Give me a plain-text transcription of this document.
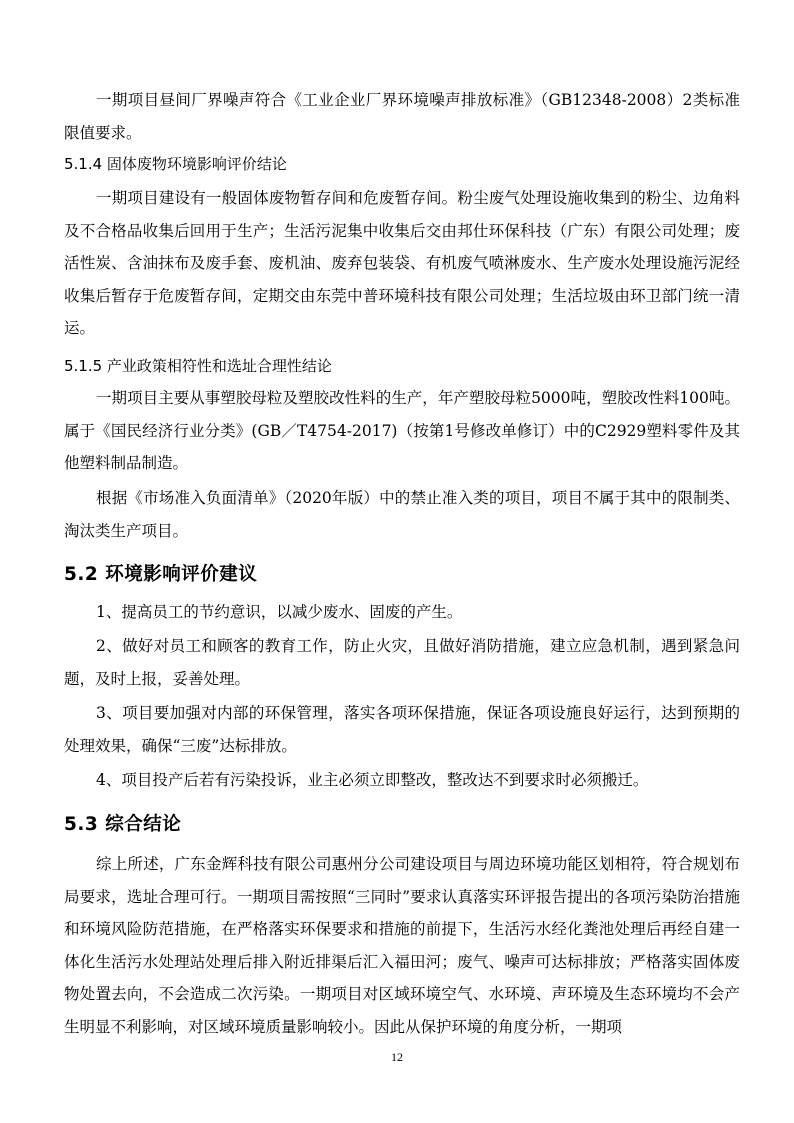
一期项目昼间厂界噪声符合《工业企业厂界环境噪声排放标准》（GB12348-2008）2类标准限值要求。

5.1.4 固体废物环境影响评价结论

一期项目建设有一般固体废物暂存间和危废暂存间。粉尘废气处理设施收集到的粉尘、边角料及不合格品收集后回用于生产；生活污泥集中收集后交由邦仕环保科技（广东）有限公司处理；废活性炭、含油抹布及废手套、废机油、废弃包装袋、有机废气喷淋废水、生产废水处理设施污泥经收集后暂存于危废暂存间，定期交由东莞中普环境科技有限公司处理；生活垃圾由环卫部门统一清运。

5.1.5 产业政策相符性和选址合理性结论

一期项目主要从事塑胶母粒及塑胶改性料的生产，年产塑胶母粒5000吨，塑胶改性料100吨。属于《国民经济行业分类》(GB／T4754-2017)（按第1号修改单修订）中的C2929塑料零件及其他塑料制品制造。

根据《市场准入负面清单》（2020年版）中的禁止准入类的项目，项目不属于其中的限制类、淘汰类生产项目。

5.2 环境影响评价建议

1、提高员工的节约意识，以减少废水、固废的产生。

2、做好对员工和顾客的教育工作，防止火灾，且做好消防措施，建立应急机制，遇到紧急问题，及时上报，妥善处理。

3、项目要加强对内部的环保管理，落实各项环保措施，保证各项设施良好运行，达到预期的处理效果，确保“三废”达标排放。

4、项目投产后若有污染投诉，业主必须立即整改，整改达不到要求时必须搬迁。

5.3 综合结论

综上所述，广东金辉科技有限公司惠州分公司建设项目与周边环境功能区划相符，符合规划布局要求，选址合理可行。一期项目需按照“三同时”要求认真落实环评报告提出的各项污染防治措施和环境风险防范措施，在严格落实环保要求和措施的前提下，生活污水经化粪池处理后再经自建一体化生活污水处理站处理后排入附近排渠后汇入福田河；废气、噪声可达标排放；严格落实固体废物处置去向，不会造成二次污染。一期项目对区域环境空气、水环境、声环境及生态环境均不会产生明显不利影响，对区域环境质量影响较小。因此从保护环境的角度分析，一期项

12
